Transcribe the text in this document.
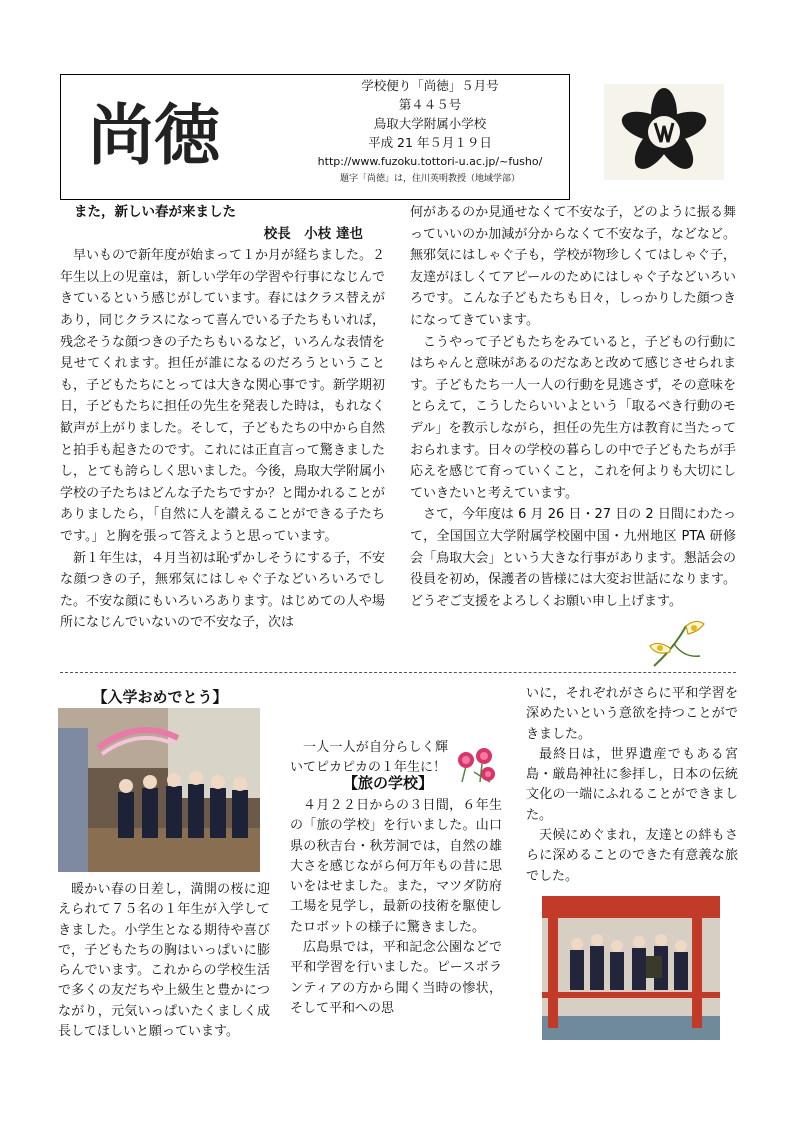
尚徳
学校便り「尚徳」５月号
第４４５号
鳥取大学附属小学校
平成 21 年５月１９日
http://www.fuzoku.tottori-u.ac.jp/~fusho/
題字「尚徳」は，住川英明教授（地域学部）
また，新しい春が来ました
校長　小枝 達也

早いもので新年度が始まって１か月が経ちました。２年生以上の児童は，新しい学年の学習や行事になじんできているという感じがしています。春にはクラス替えがあり，同じクラスになって喜んでいる子たちもいれば，残念そうな顔つきの子たちもいるなど，いろんな表情を見せてくれます。担任が誰になるのだろうということも，子どもたちにとっては大きな関心事です。新学期初日，子どもたちに担任の先生を発表した時は，もれなく歓声が上がりました。そして，子どもたちの中から自然と拍手も起きたのです。これには正直言って驚きましたし，とても誇らしく思いました。今後，鳥取大学附属小学校の子たちはどんな子たちですか？と聞かれることがありましたら，「自然に人を讃えることができる子たちです。」と胸を張って答えようと思っています。

新１年生は，４月当初は恥ずかしそうにする子，不安な顔つきの子，無邪気にはしゃぐ子などいろいろでした。不安な顔にもいろいろあります。はじめての人や場所になじんでいないので不安な子，次は

何があるのか見通せなくて不安な子，どのように振る舞っていいのか加減が分からなくて不安な子，などなど。無邪気にはしゃぐ子も，学校が物珍しくてはしゃぐ子，友達がほしくてアピールのためにはしゃぐ子などいろいろです。こんな子どもたちも日々，しっかりした顔つきになってきています。

こうやって子どもたちをみていると，子どもの行動にはちゃんと意味があるのだなあと改めて感じさせられます。子どもたち一人一人の行動を見逃さず，その意味をとらえて，こうしたらいいよという「取るべき行動のモデル」を教示しながら，担任の先生方は教育に当たっておられます。日々の学校の暮らしの中で子どもたちが手応えを感じて育っていくこと，これを何よりも大切にしていきたいと考えています。

さて，今年度は 6 月 26 日・27 日の 2 日間にわたって，全国国立大学附属学校園中国・九州地区 PTA 研修会「鳥取大会」という大きな行事があります。懇話会の役員を初め，保護者の皆様には大変お世話になります。どうぞご支援をよろしくお願い申し上げます。

【入学おめでとう】

暖かい春の日差し，満開の桜に迎えられて７５名の１年生が入学してきました。小学生となる期待や喜びで，子どもたちの胸はいっぱいに膨らんでいます。これからの学校生活で多くの友だちや上級生と豊かにつながり，元気いっぱいたくましく成長してほしいと願っています。

一人一人が自分らしく輝いてピカピカの１年生に！

【旅の学校】

４月２２日からの３日間，６年生の「旅の学校」を行いました。山口県の秋吉台・秋芳洞では，自然の雄大さを感じながら何万年もの昔に思いをはせました。また，マツダ防府工場を見学し，最新の技術を駆使したロボットの様子に驚きました。

広島県では，平和記念公園などで平和学習を行いました。ピースボランティアの方から聞く当時の惨状，そして平和への思

いに，それぞれがさらに平和学習を深めたいという意欲を持つことができました。

最終日は，世界遺産でもある宮島・厳島神社に参拝し，日本の伝統文化の一端にふれることができました。

天候にめぐまれ，友達との絆もさらに深めることのできた有意義な旅でした。
